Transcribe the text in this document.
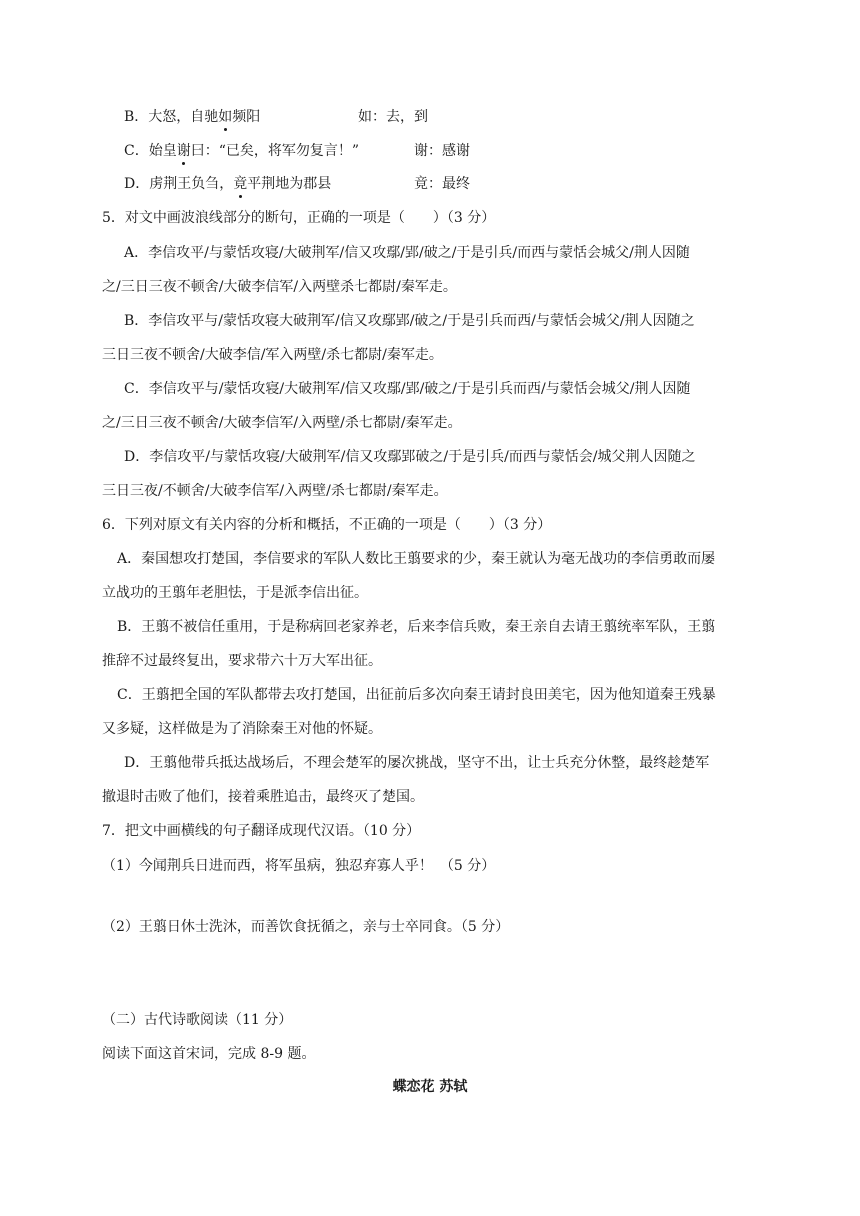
B．大怒，自驰如频阳	如：去，到
C．始皇谢曰：“已矣，将军勿复言！”	谢：感谢
D．虏荆王负刍，竟平荆地为郡县	竟：最终
5．对文中画波浪线部分的断句，正确的一项是（　　）（3 分）
A．李信攻平/与蒙恬攻寝/大破荆军/信又攻鄢/郢/破之/于是引兵/而西与蒙恬会城父/荆人因随
之/三日三夜不顿舍/大破李信军/入两壁杀七都尉/秦军走。
B．李信攻平与/蒙恬攻寝大破荆军/信又攻鄢郢/破之/于是引兵而西/与蒙恬会城父/荆人因随之
三日三夜不顿舍/大破李信/军入两壁/杀七都尉/秦军走。
C．李信攻平与/蒙恬攻寝/大破荆军/信又攻鄢/郢/破之/于是引兵而西/与蒙恬会城父/荆人因随
之/三日三夜不顿舍/大破李信军/入两壁/杀七都尉/秦军走。
D．李信攻平/与蒙恬攻寝/大破荆军/信又攻鄢郢破之/于是引兵/而西与蒙恬会/城父荆人因随之
三日三夜/不顿舍/大破李信军/入两壁/杀七都尉/秦军走。
6．下列对原文有关内容的分析和概括，不正确的一项是（　　）（3 分）
A．秦国想攻打楚国，李信要求的军队人数比王翦要求的少，秦王就认为毫无战功的李信勇敢而屡
立战功的王翦年老胆怯，于是派李信出征。
B．王翦不被信任重用，于是称病回老家养老，后来李信兵败，秦王亲自去请王翦统率军队，王翦
推辞不过最终复出，要求带六十万大军出征。
C．王翦把全国的军队都带去攻打楚国，出征前后多次向秦王请封良田美宅，因为他知道秦王残暴
又多疑，这样做是为了消除秦王对他的怀疑。
D．王翦他带兵抵达战场后，不理会楚军的屡次挑战，坚守不出，让士兵充分休整，最终趁楚军
撤退时击败了他们，接着乘胜追击，最终灭了楚国。
7．把文中画横线的句子翻译成现代汉语。（10 分）
（1）今闻荆兵日进而西，将军虽病，独忍弃寡人乎！　（5 分）
（2）王翦日休士洗沐，而善饮食抚循之，亲与士卒同食。（5 分）
（二）古代诗歌阅读（11 分）
阅读下面这首宋词，完成 8-9 题。
蝶恋花 苏轼
